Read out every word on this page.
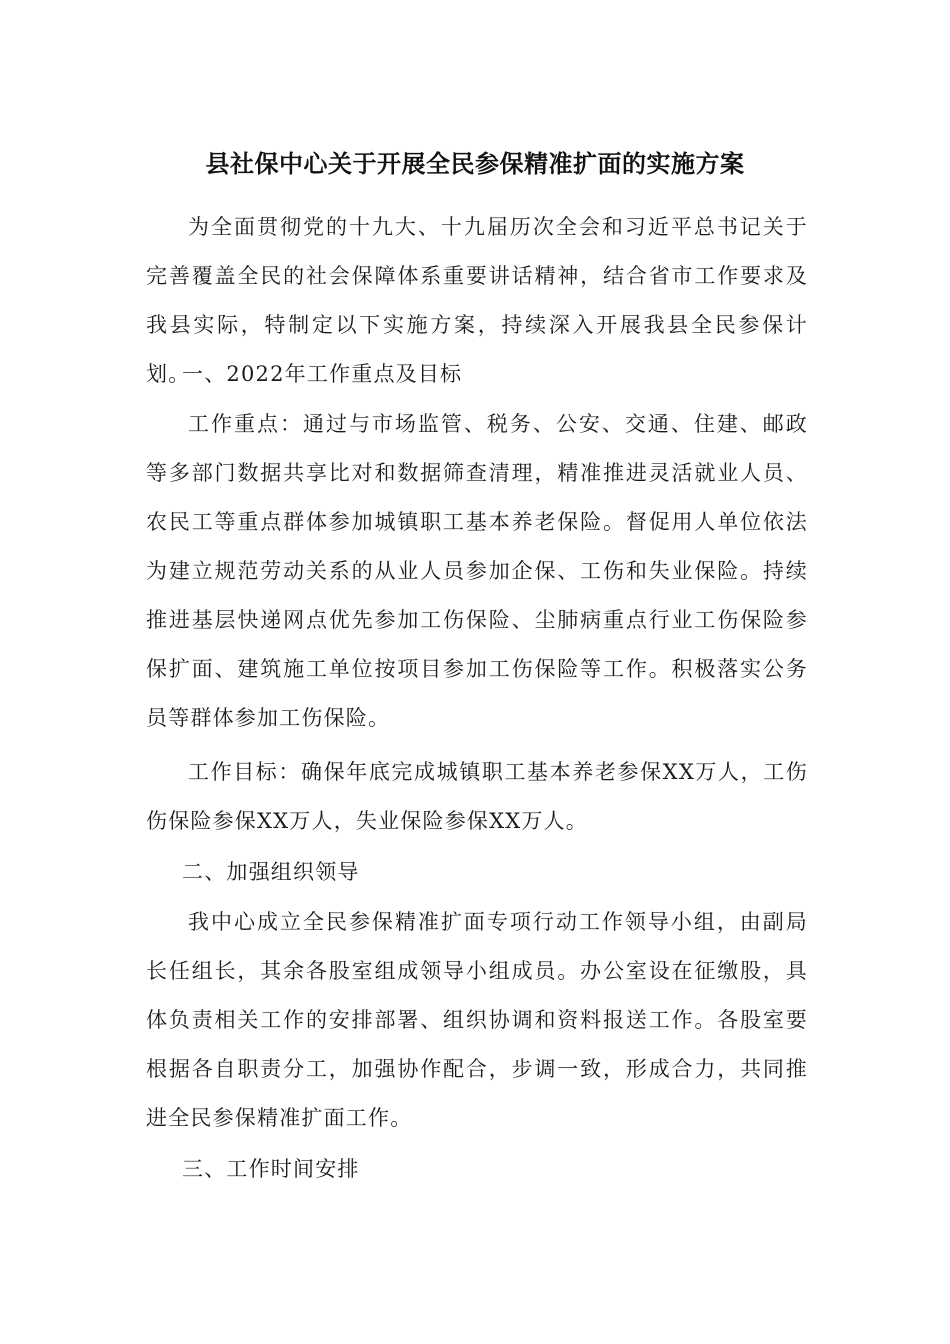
县社保中心关于开展全民参保精准扩面的实施方案
为全面贯彻党的十九大、十九届历次全会和习近平总书记关于完善覆盖全民的社会保障体系重要讲话精神，结合省市工作要求及我县实际，特制定以下实施方案，持续深入开展我县全民参保计划。
一、2022年工作重点及目标
工作重点：通过与市场监管、税务、公安、交通、住建、邮政等多部门数据共享比对和数据筛查清理，精准推进灵活就业人员、农民工等重点群体参加城镇职工基本养老保险。督促用人单位依法为建立规范劳动关系的从业人员参加企保、工伤和失业保险。持续推进基层快递网点优先参加工伤保险、尘肺病重点行业工伤保险参保扩面、建筑施工单位按项目参加工伤保险等工作。积极落实公务员等群体参加工伤保险。
工作目标：确保年底完成城镇职工基本养老参保XX万人，工伤伤保险参保XX万人，失业保险参保XX万人。
二、加强组织领导
我中心成立全民参保精准扩面专项行动工作领导小组，由副局长任组长，其余各股室组成领导小组成员。办公室设在征缴股，具体负责相关工作的安排部署、组织协调和资料报送工作。各股室要根据各自职责分工，加强协作配合，步调一致，形成合力，共同推进全民参保精准扩面工作。
三、工作时间安排
